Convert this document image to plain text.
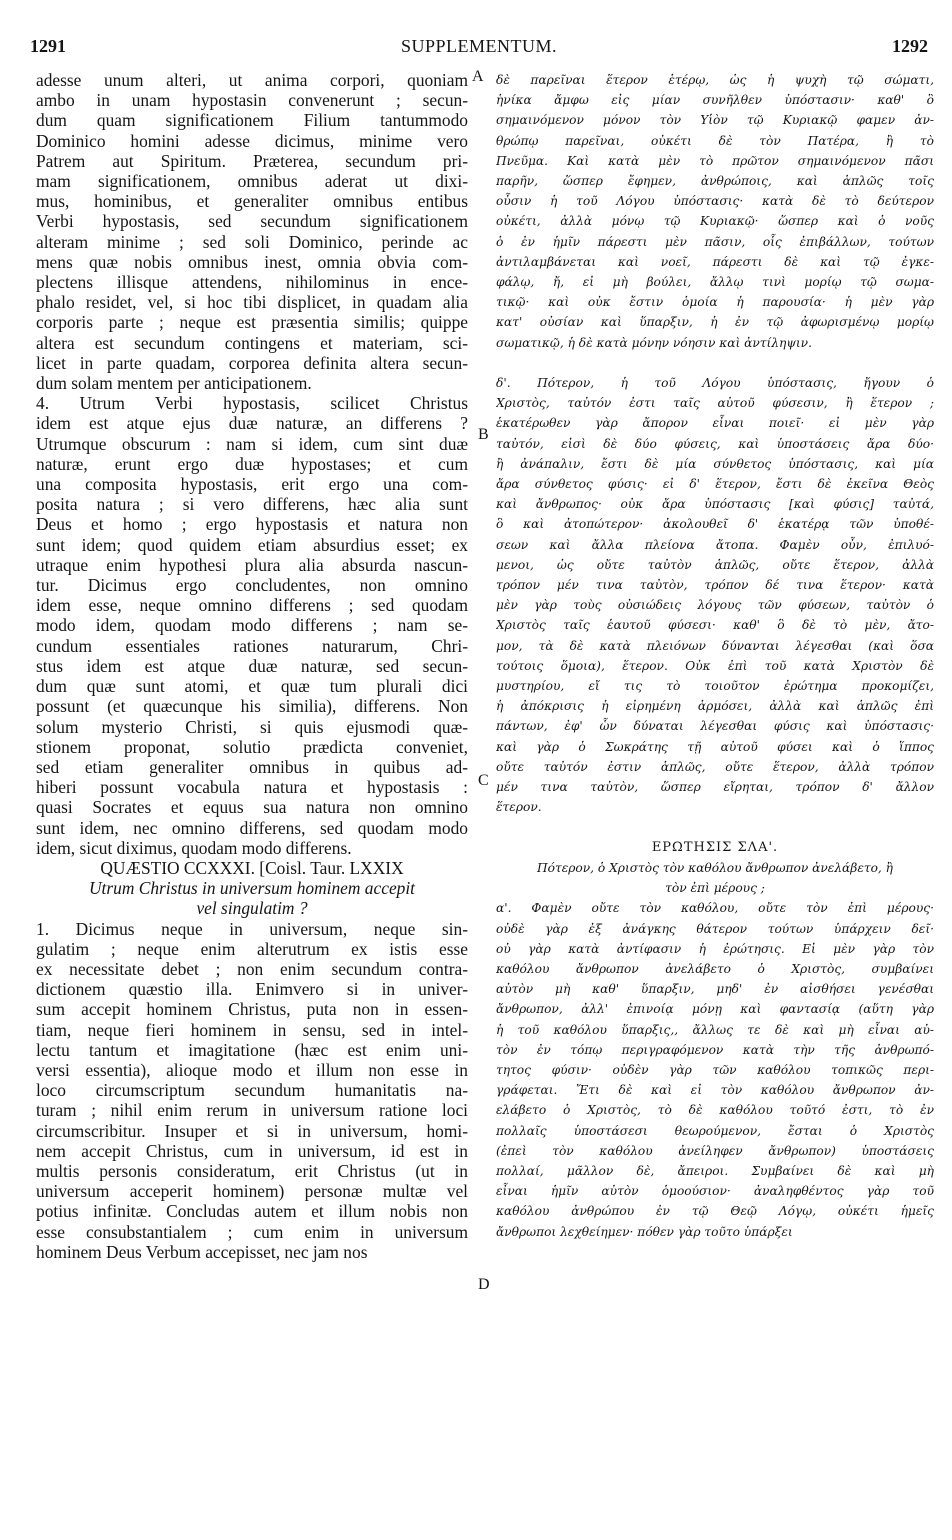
1291	SUPPLEMENTUM.	1292
A
B
C
D
adesse unum alteri, ut anima corpori, quoniam
ambo in unam hypostasin convenerunt ; secun-
dum quam significationem Filium tantummodo
Dominico homini adesse dicimus, minime vero
Patrem aut Spiritum. Præterea, secundum pri-
mam significationem, omnibus aderat ut dixi-
mus, hominibus, et generaliter omnibus entibus
Verbi hypostasis, sed secundum significationem
alteram minime ; sed soli Dominico, perinde ac
mens quæ nobis omnibus inest, omnia obvia com-
plectens illisque attendens, nihilominus in ence-
phalo residet, vel, si hoc tibi displicet, in quadam alia
corporis parte ; neque est præsentia similis; quippe
altera est secundum contingens et materiam, sci-
licet in parte quadam, corporea definita altera secun-
dum solam mentem per anticipationem.
4. Utrum Verbi hypostasis, scilicet Christus
idem est atque ejus duæ naturæ, an differens ?
Utrumque obscurum : nam si idem, cum sint duæ
naturæ, erunt ergo duæ hypostases; et cum
una composita hypostasis, erit ergo una com-
posita natura ; si vero differens, hæc alia sunt
Deus et homo ; ergo hypostasis et natura non
sunt idem; quod quidem etiam absurdius esset; ex
utraque enim hypothesi plura alia absurda nascun-
tur. Dicimus ergo concludentes, non omnino
idem esse, neque omnino differens ; sed quodam
modo idem, quodam modo differens ; nam se-
cundum essentiales rationes naturarum, Chri-
stus idem est atque duæ naturæ, sed secun-
dum quæ sunt atomi, et quæ tum plurali dici
possunt (et quæcunque his similia), differens. Non
solum mysterio Christi, si quis ejusmodi quæ-
stionem proponat, solutio prædicta conveniet,
sed etiam generaliter omnibus in quibus ad-
hiberi possunt vocabula natura et hypostasis :
quasi Socrates et equus sua natura non omnino
sunt idem, nec omnino differens, sed quodam modo
idem, sicut diximus, quodam modo differens.
QUÆSTIO CCXXXI. [Coisl. Taur. LXXIX
Utrum Christus in universum hominem accepit
vel singulatim ?
1. Dicimus neque in universum, neque sin-
gulatim ; neque enim alterutrum ex istis esse
ex necessitate debet ; non enim secundum contra-
dictionem quæstio illa. Enimvero si in univer-
sum accepit hominem Christus, puta non in essen-
tiam, neque fieri hominem in sensu, sed in intel-
lectu tantum et imagitatione (hæc est enim uni-
versi essentia), alioque modo et illum non esse in
loco circumscriptum secundum humanitatis na-
turam ; nihil enim rerum in universum ratione loci
circumscribitur. Insuper et si in universum, homi-
nem accepit Christus, cum in universum, id est in
multis personis consideratum, erit Christus (ut in
universum acceperit hominem) personæ multæ vel
potius infinitæ. Concludas autem et illum nobis non
esse consubstantialem ; cum enim in universum
hominem Deus Verbum accepisset, nec jam nos
δὲ παρεῖναι ἕτερον ἑτέρῳ, ὡς ἡ ψυχὴ τῷ σώματι,
ἡνίκα ἄμφω εἰς μίαν συνῆλθεν ὑπόστασιν· καθ' ὃ
σημαινόμενον μόνον τὸν Υἱὸν τῷ Κυριακῷ φαμεν ἀν-
θρώπῳ παρεῖναι, οὐκέτι δὲ τὸν Πατέρα, ἢ τὸ
Πνεῦμα. Καὶ κατὰ μὲν τὸ πρῶτον σημαινόμενον πᾶσι
παρῆν, ὥσπερ ἔφημεν, ἀνθρώποις, καὶ ἁπλῶς τοῖς
οὖσιν ἡ τοῦ Λόγου ὑπόστασις· κατὰ δὲ τὸ δεύτερον
οὐκέτι, ἀλλὰ μόνῳ τῷ Κυριακῷ· ὥσπερ καὶ ὁ νοῦς
ὁ ἐν ἡμῖν πάρεστι μὲν πᾶσιν, οἷς ἐπιβάλλων, τούτων
ἀντιλαμβάνεται καὶ νοεῖ, πάρεστι δὲ καὶ τῷ ἐγκε-
φάλῳ, ἤ, εἰ μὴ βούλει, ἄλλῳ τινὶ μορίῳ τῷ σωμα-
τικῷ· καὶ οὐκ ἔστιν ὁμοία ἡ παρουσία· ἡ μὲν γὰρ
κατ' οὐσίαν καὶ ὕπαρξιν, ἡ ἐν τῷ ἀφωρισμένῳ μορίῳ
σωματικῷ, ἡ δὲ κατὰ μόνην νόησιν καὶ ἀντίληψιν.
δ'. Πότερον, ἡ τοῦ Λόγου ὑπόστασις, ἤγουν ὁ
Χριστὸς, ταὐτόν ἐστι ταῖς αὐτοῦ φύσεσιν, ἢ ἕτερον ;
ἑκατέρωθεν γὰρ ἄπορον εἶναι ποιεῖ· εἰ μὲν γὰρ
ταὐτόν, εἰσὶ δὲ δύο φύσεις, καὶ ὑποστάσεις ἄρα δύο·
ἢ ἀνάπαλιν, ἔστι δὲ μία σύνθετος ὑπόστασις, καὶ μία
ἄρα σύνθετος φύσις· εἰ δ' ἕτερον, ἔστι δὲ ἐκεῖνα Θεὸς
καὶ ἄνθρωπος· οὐκ ἄρα ὑπόστασις [καὶ φύσις] ταὐτά,
ὃ καὶ ἀτοπώτερον· ἀκολουθεῖ δ' ἑκατέρᾳ τῶν ὑποθέ-
σεων καὶ ἄλλα πλείονα ἄτοπα. Φαμὲν οὖν, ἐπιλυό-
μενοι, ὡς οὔτε ταὐτὸν ἁπλῶς, οὔτε ἕτερον, ἀλλὰ
τρόπον μέν τινα ταὐτὸν, τρόπον δέ τινα ἕτερον· κατὰ
μὲν γὰρ τοὺς οὐσιώδεις λόγους τῶν φύσεων, ταὐτὸν ὁ
Χριστὸς ταῖς ἑαυτοῦ φύσεσι· καθ' ὃ δὲ τὸ μὲν, ἄτο-
μον, τὰ δὲ κατὰ πλειόνων δύνανται λέγεσθαι (καὶ ὅσα
τούτοις ὅμοια), ἕτερον. Οὐκ ἐπὶ τοῦ κατὰ Χριστὸν δὲ
μυστηρίου, εἴ τις τὸ τοιοῦτον ἐρώτημα προκομίζει,
ἡ ἀπόκρισις ἡ εἰρημένη ἁρμόσει, ἀλλὰ καὶ ἁπλῶς ἐπὶ
πάντων, ἐφ' ὧν δύναται λέγεσθαι φύσις καὶ ὑπόστασις·
καὶ γὰρ ὁ Σωκράτης τῇ αὐτοῦ φύσει καὶ ὁ ἵππος
οὔτε ταὐτόν ἐστιν ἁπλῶς, οὔτε ἕτερον, ἀλλὰ τρόπον
μέν τινα ταὐτὸν, ὥσπερ εἴρηται, τρόπον δ' ἄλλον
ἕτερον.
ΕΡΩΤΗΣΙΣ ΣΛΑ'.
Πότερον, ὁ Χριστὸς τὸν καθόλου ἄνθρωπον ἀνελάβετο, ἢ
τὸν ἐπὶ μέρους ;
α'. Φαμὲν οὔτε τὸν καθόλου, οὔτε τὸν ἐπὶ μέρους·
οὐδὲ γὰρ ἐξ ἀνάγκης θάτερον τούτων ὑπάρχειν δεῖ·
οὐ γὰρ κατὰ ἀντίφασιν ἡ ἐρώτησις. Εἰ μὲν γὰρ τὸν
καθόλου ἄνθρωπον ἀνελάβετο ὁ Χριστὸς, συμβαίνει
αὐτὸν μὴ καθ' ὕπαρξιν, μηδ' ἐν αἰσθήσει γενέσθαι
ἄνθρωπον, ἀλλ' ἐπινοίᾳ μόνῃ καὶ φαντασίᾳ (αὕτη γὰρ
ἡ τοῦ καθόλου ὕπαρξις,, ἄλλως τε δὲ καὶ μὴ εἶναι αὐ-
τὸν ἐν τόπῳ περιγραφόμενον κατὰ τὴν τῆς ἀνθρωπό-
τητος φύσιν· οὐδὲν γὰρ τῶν καθόλου τοπικῶς περι-
γράφεται. Ἔτι δὲ καὶ εἰ τὸν καθόλου ἄνθρωπον ἀν-
ελάβετο ὁ Χριστὸς, τὸ δὲ καθόλου τοῦτό ἐστι, τὸ ἐν
πολλαῖς ὑποστάσεσι θεωρούμενον, ἔσται ὁ Χριστὸς
(ἐπεὶ τὸν καθόλου ἀνείληφεν ἄνθρωπον) ὑποστάσεις
πολλαί, μᾶλλον δὲ, ἄπειροι. Συμβαίνει δὲ καὶ μὴ
εἶναι ἡμῖν αὐτὸν ὁμοούσιον· ἀναληφθέντος γὰρ τοῦ
καθόλου ἀνθρώπου ἐν τῷ Θεῷ Λόγῳ, οὐκέτι ἡμεῖς
ἄνθρωποι λεχθείημεν· πόθεν γὰρ τοῦτο ὑπάρξει
